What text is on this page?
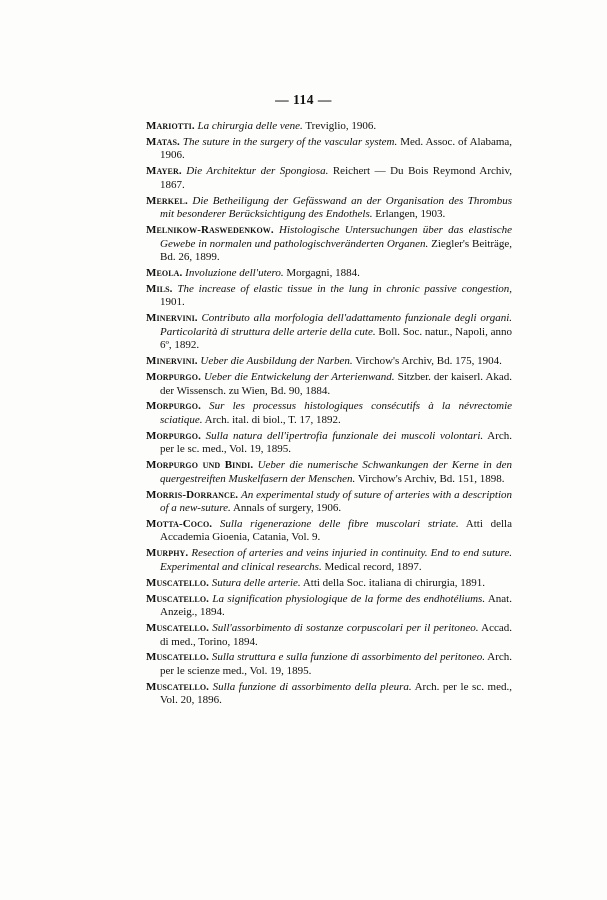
— 114 —

Mariotti. La chirurgia delle vene. Treviglio, 1906.

Matas. The suture in the surgery of the vascular system. Med. Assoc. of Alabama, 1906.

Mayer. Die Architektur der Spongiosa. Reichert — Du Bois Reymond Archiv, 1867.

Merkel. Die Betheiligung der Gefässwand an der Organisation des Thrombus mit besonderer Berücksichtigung des Endothels. Erlangen, 1903.

Melnikow-Raswedenkow. Histologische Untersuchungen über das elastische Gewebe in normalen und pathologischveränderten Organen. Ziegler's Beiträge, Bd. 26, 1899.

Meola. Involuzione dell'utero. Morgagni, 1884.

Mils. The increase of elastic tissue in the lung in chronic passive congestion, 1901.

Minervini. Contributo alla morfologia dell'adattamento funzionale degli organi. Particolarità di struttura delle arterie della cute. Boll. Soc. natur., Napoli, anno 6º, 1892.

Minervini. Ueber die Ausbildung der Narben. Virchow's Archiv, Bd. 175, 1904.

Morpurgo. Ueber die Entwickelung der Arterienwand. Sitzber. der kaiserl. Akad. der Wissensch. zu Wien, Bd. 90, 1884.

Morpurgo. Sur les processus histologiques consécutifs à la névrectomie sciatique. Arch. ital. di biol., T. 17, 1892.

Morpurgo. Sulla natura dell'ipertrofia funzionale dei muscoli volontari. Arch. per le sc. med., Vol. 19, 1895.

Morpurgo und Bindi. Ueber die numerische Schwankungen der Kerne in den quergestreiften Muskelfasern der Menschen. Virchow's Archiv, Bd. 151, 1898.

Morris-Dorrance. An experimental study of suture of arteries with a description of a new-suture. Annals of surgery, 1906.

Motta-Coco. Sulla rigenerazione delle fibre muscolari striate. Atti della Accademia Gioenia, Catania, Vol. 9.

Murphy. Resection of arteries and veins injuried in continuity. End to end suture. Experimental and clinical researchs. Medical record, 1897.

Muscatello. Sutura delle arterie. Atti della Soc. italiana di chirurgia, 1891.

Muscatello. La signification physiologique de la forme des endhotéliums. Anat. Anzeig., 1894.

Muscatello. Sull'assorbimento di sostanze corpuscolari per il peritoneo. Accad. di med., Torino, 1894.

Muscatello. Sulla struttura e sulla funzione di assorbimento del peritoneo. Arch. per le scienze med., Vol. 19, 1895.

Muscatello. Sulla funzione di assorbimento della pleura. Arch. per le sc. med., Vol. 20, 1896.
